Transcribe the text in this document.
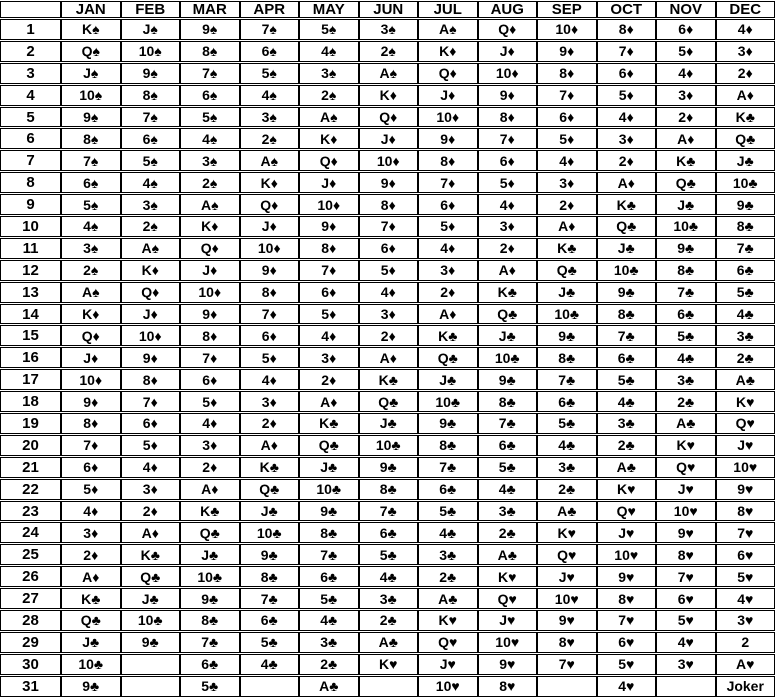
	JAN	FEB	MAR	APR	MAY	JUN	JUL	AUG	SEP	OCT	NOV	DEC
1	K♠	J♠	9♠	7♠	5♠	3♠	A♠	Q♦	10♦	8♦	6♦	4♦
2	Q♠	10♠	8♠	6♠	4♠	2♠	K♦	J♦	9♦	7♦	5♦	3♦
3	J♠	9♠	7♠	5♠	3♠	A♠	Q♦	10♦	8♦	6♦	4♦	2♦
4	10♠	8♠	6♠	4♠	2♠	K♦	J♦	9♦	7♦	5♦	3♦	A♦
5	9♠	7♠	5♠	3♠	A♠	Q♦	10♦	8♦	6♦	4♦	2♦	K♣
6	8♠	6♠	4♠	2♠	K♦	J♦	9♦	7♦	5♦	3♦	A♦	Q♣
7	7♠	5♠	3♠	A♠	Q♦	10♦	8♦	6♦	4♦	2♦	K♣	J♣
8	6♠	4♠	2♠	K♦	J♦	9♦	7♦	5♦	3♦	A♦	Q♣	10♣
9	5♠	3♠	A♠	Q♦	10♦	8♦	6♦	4♦	2♦	K♣	J♣	9♣
10	4♠	2♠	K♦	J♦	9♦	7♦	5♦	3♦	A♦	Q♣	10♣	8♣
11	3♠	A♠	Q♦	10♦	8♦	6♦	4♦	2♦	K♣	J♣	9♣	7♣
12	2♠	K♦	J♦	9♦	7♦	5♦	3♦	A♦	Q♣	10♣	8♣	6♣
13	A♠	Q♦	10♦	8♦	6♦	4♦	2♦	K♣	J♣	9♣	7♣	5♣
14	K♦	J♦	9♦	7♦	5♦	3♦	A♦	Q♣	10♣	8♣	6♣	4♣
15	Q♦	10♦	8♦	6♦	4♦	2♦	K♣	J♣	9♣	7♣	5♣	3♣
16	J♦	9♦	7♦	5♦	3♦	A♦	Q♣	10♣	8♣	6♣	4♣	2♣
17	10♦	8♦	6♦	4♦	2♦	K♣	J♣	9♣	7♣	5♣	3♣	A♣
18	9♦	7♦	5♦	3♦	A♦	Q♣	10♣	8♣	6♣	4♣	2♣	K♥
19	8♦	6♦	4♦	2♦	K♣	J♣	9♣	7♣	5♣	3♣	A♣	Q♥
20	7♦	5♦	3♦	A♦	Q♣	10♣	8♣	6♣	4♣	2♣	K♥	J♥
21	6♦	4♦	2♦	K♣	J♣	9♣	7♣	5♣	3♣	A♣	Q♥	10♥
22	5♦	3♦	A♦	Q♣	10♣	8♣	6♣	4♣	2♣	K♥	J♥	9♥
23	4♦	2♦	K♣	J♣	9♣	7♣	5♣	3♣	A♣	Q♥	10♥	8♥
24	3♦	A♦	Q♣	10♣	8♣	6♣	4♣	2♣	K♥	J♥	9♥	7♥
25	2♦	K♣	J♣	9♣	7♣	5♣	3♣	A♣	Q♥	10♥	8♥	6♥
26	A♦	Q♣	10♣	8♣	6♣	4♣	2♣	K♥	J♥	9♥	7♥	5♥
27	K♣	J♣	9♣	7♣	5♣	3♣	A♣	Q♥	10♥	8♥	6♥	4♥
28	Q♣	10♣	8♣	6♣	4♣	2♣	K♥	J♥	9♥	7♥	5♥	3♥
29	J♣	9♣	7♣	5♣	3♣	A♣	Q♥	10♥	8♥	6♥	4♥	2
30	10♣		6♣	4♣	2♣	K♥	J♥	9♥	7♥	5♥	3♥	A♥
31	9♣		5♣		A♣		10♥	8♥		4♥		Joker
